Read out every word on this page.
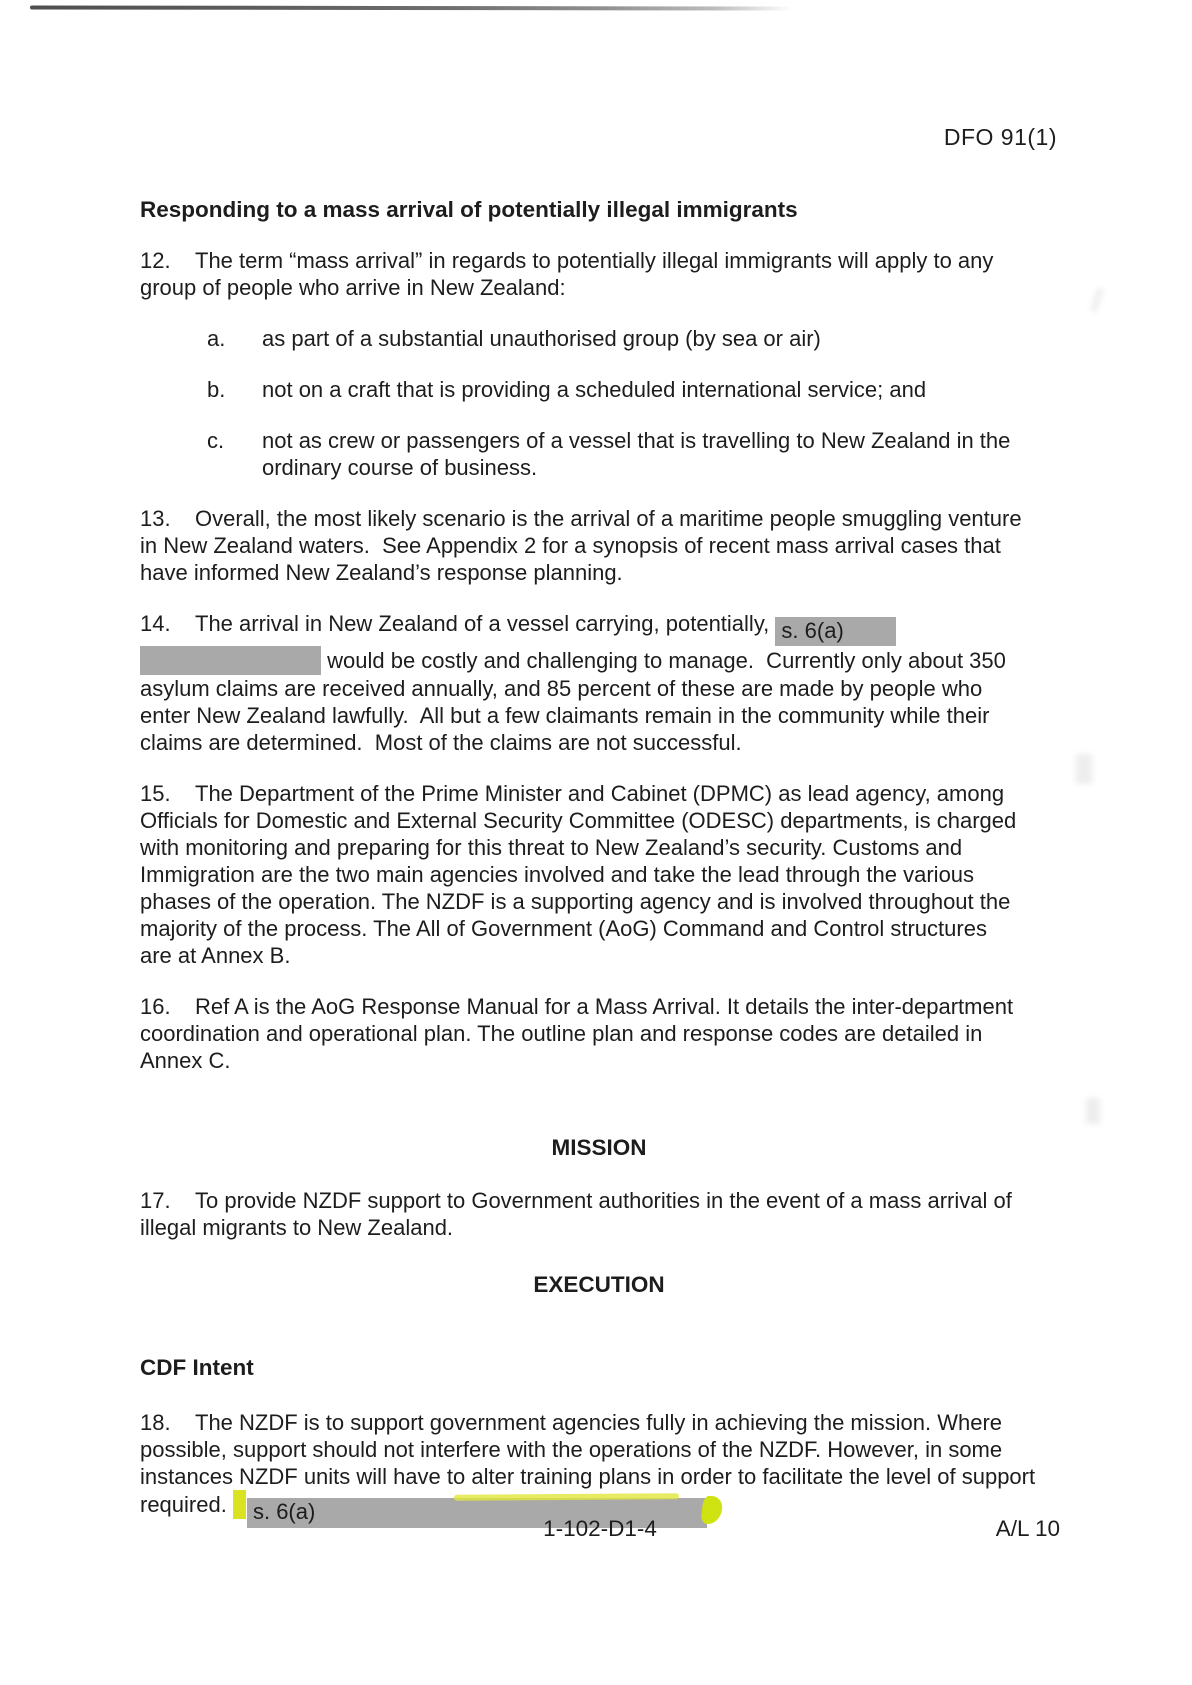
DFO 91(1)
Responding to a mass arrival of potentially illegal immigrants

12. The term “mass arrival” in regards to potentially illegal immigrants will apply to any group of people who arrive in New Zealand:

a.	as part of a substantial unauthorised group (by sea or air)
b.	not on a craft that is providing a scheduled international service; and
c.	not as crew or passengers of a vessel that is travelling to New Zealand in the ordinary course of business.

13. Overall, the most likely scenario is the arrival of a maritime people smuggling venture in New Zealand waters.  See Appendix 2 for a synopsis of recent mass arrival cases that have informed New Zealand’s response planning.

14. The arrival in New Zealand of a vessel carrying, potentially, s. 6(a)  would be costly and challenging to manage.  Currently only about 350 asylum claims are received annually, and 85 percent of these are made by people who enter New Zealand lawfully.  All but a few claimants remain in the community while their claims are determined.  Most of the claims are not successful.

15. The Department of the Prime Minister and Cabinet (DPMC) as lead agency, among Officials for Domestic and External Security Committee (ODESC) departments, is charged with monitoring and preparing for this threat to New Zealand’s security. Customs and Immigration are the two main agencies involved and take the lead through the various phases of the operation. The NZDF is a supporting agency and is involved throughout the majority of the process. The All of Government (AoG) Command and Control structures are at Annex B.

16. Ref A is the AoG Response Manual for a Mass Arrival. It details the inter-department coordination and operational plan. The outline plan and response codes are detailed in Annex C.

MISSION

17. To provide NZDF support to Government authorities in the event of a mass arrival of illegal migrants to New Zealand.

EXECUTION
CDF Intent

18. The NZDF is to support government agencies fully in achieving the mission. Where possible, support should not interfere with the operations of the NZDF. However, in some instances NZDF units will have to alter training plans in order to facilitate the level of support required. s. 6(a)

1-102-D1-4	A/L 10
